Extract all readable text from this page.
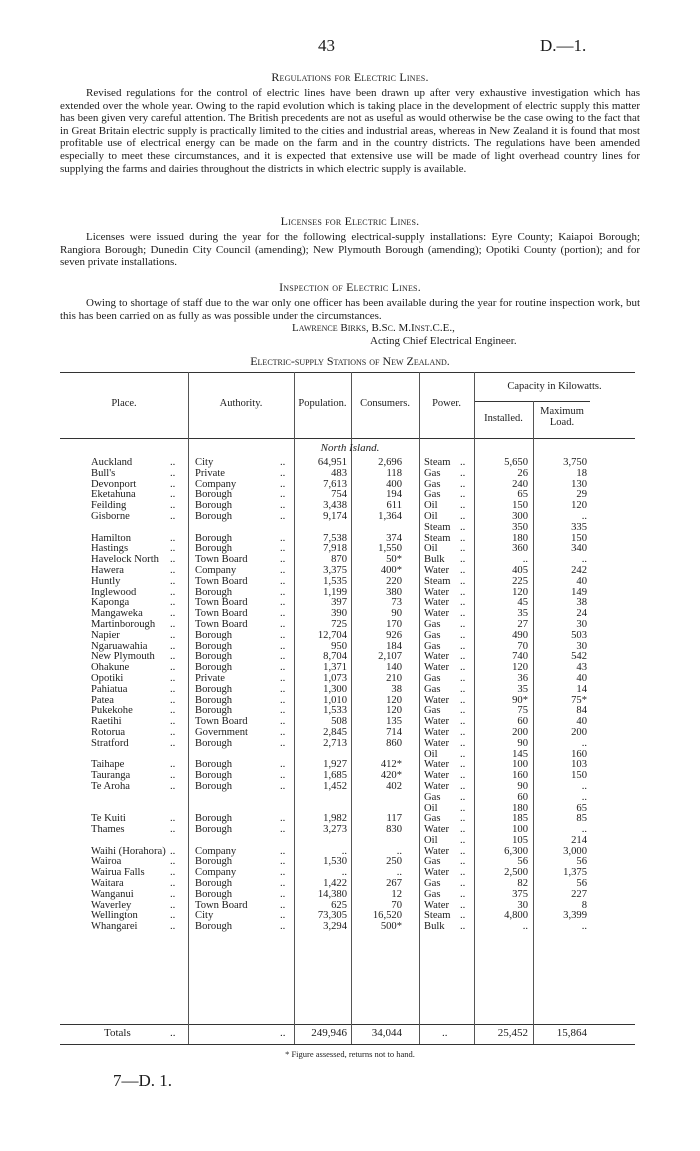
43	D.—1.
Regulations for Electric Lines.

Revised regulations for the control of electric lines have been drawn up after very exhaustive investigation which has extended over the whole year. Owing to the rapid evolution which is taking place in the development of electric supply this matter has been given very careful attention. The British precedents are not as useful as would otherwise be the case owing to the fact that in Great Britain electric supply is practically limited to the cities and industrial areas, whereas in New Zealand it is found that most profitable use of electrical energy can be made on the farm and in the country districts. The regulations have been amended especially to meet these circumstances, and it is expected that extensive use will be made of light overhead country lines for supplying the farms and dairies throughout the districts in which electric supply is available.

Licenses for Electric Lines.

Licenses were issued during the year for the following electrical-supply installations: Eyre County; Kaiapoi Borough; Rangiora Borough; Dunedin City Council (amending); New Plymouth Borough (amending); Opotiki County (portion); and for seven private installations.

Inspection of Electric Lines.

Owing to shortage of staff due to the war only one officer has been available during the year for routine inspection work, but this has been carried on as fully as was possible under the circumstances.

Lawrence Birks, B.Sc. M.Inst.C.E.,
Acting Chief Electrical Engineer.
Electric-supply Stations of New Zealand.
Place.	Authority.	Population.	Consumers.	Power.
Capacity in Kilowatts.
Installed.
Maximum Load.
North Island.
Auckland	.. City	..	64,951	2,696 Steam ..	5,650	3,750
Bull's	.. Private	..	483	118 Gas ..	26	18
Devonport	.. Company	..	7,613	400 Gas ..	240	130
Eketahuna	.. Borough	..	754	194 Gas ..	65	29
Feilding	.. Borough	..	3,438	611 Oil ..	150	120
Gisborne	.. Borough	..	9,174	1,364 Oil ..	300	..
Steam ..	350	335
Hamilton	.. Borough	..	7,538	374 Steam ..	180	150
Hastings	.. Borough	..	7,918	1,550 Oil ..	360	340
Havelock North .. Town Board	..	870	50* Bulk ..	..	..
Hawera	.. Company	..	3,375	400* Water ..	405	242
Huntly	.. Town Board	..	1,535	220 Steam ..	225	40
Inglewood	.. Borough	..	1,199	380 Water ..	120	149
Kaponga	.. Town Board	..	397	73 Water ..	45	38
Mangaweka	.. Town Board	..	390	90 Water ..	35	24
Martinborough .. Town Board	..	725	170 Gas ..	27	30
Napier	.. Borough	..	12,704	926 Gas ..	490	503
Ngaruawahia .. Borough	..	950	184 Gas ..	70	30
New Plymouth .. Borough	..	8,704	2,107 Water ..	740	542
Ohakune	.. Borough	..	1,371	140 Water ..	120	43
Opotiki	.. Private	..	1,073	210 Gas ..	36	40
Pahiatua	.. Borough	..	1,300	38 Gas ..	35	14
Patea	.. Borough	..	1,010	120 Water ..	90*	75*
Pukekohe	.. Borough	..	1,533	120 Gas ..	75	84
Raetihi	.. Town Board	..	508	135 Water ..	60	40
Rotorua	.. Government	..	2,845	714 Water ..	200	200
Stratford	.. Borough	..	2,713	860 Water ..	90	..
Oil ..	145	160
Taihape	.. Borough	..	1,927	412* Water ..	100	103
Tauranga	.. Borough	..	1,685	420* Water ..	160	150
Te Aroha	.. Borough	..	1,452	402 Water ..	90	..
Gas ..	60	..
Oil ..	180	65
Te Kuiti	.. Borough	..	1,982	117 Gas ..	185	85
Thames	.. Borough	..	3,273	830 Water ..	100	..
Oil ..	105	214
Waihi (Horahora) .. Company	..	..	.. Water ..	6,300	3,000
Wairoa	.. Borough	..	1,530	250 Gas ..	56	56
Wairua Falls .. Company	..	..	.. Water ..	2,500	1,375
Waitara	.. Borough	..	1,422	267 Gas ..	82	56
Wanganui	.. Borough	..	14,380	12 Gas ..	375	227
Waverley	.. Town Board	..	625	70 Water ..	30	8
Wellington	.. City	..	73,305	16,520 Steam ..	4,800	3,399
Whangarei	.. Borough	..	3,294	500* Bulk ..	..	..
Totals	..	..	249,946	34,044	..	25,452	15,864
* Figure assessed, returns not to hand.
7—D. 1.
